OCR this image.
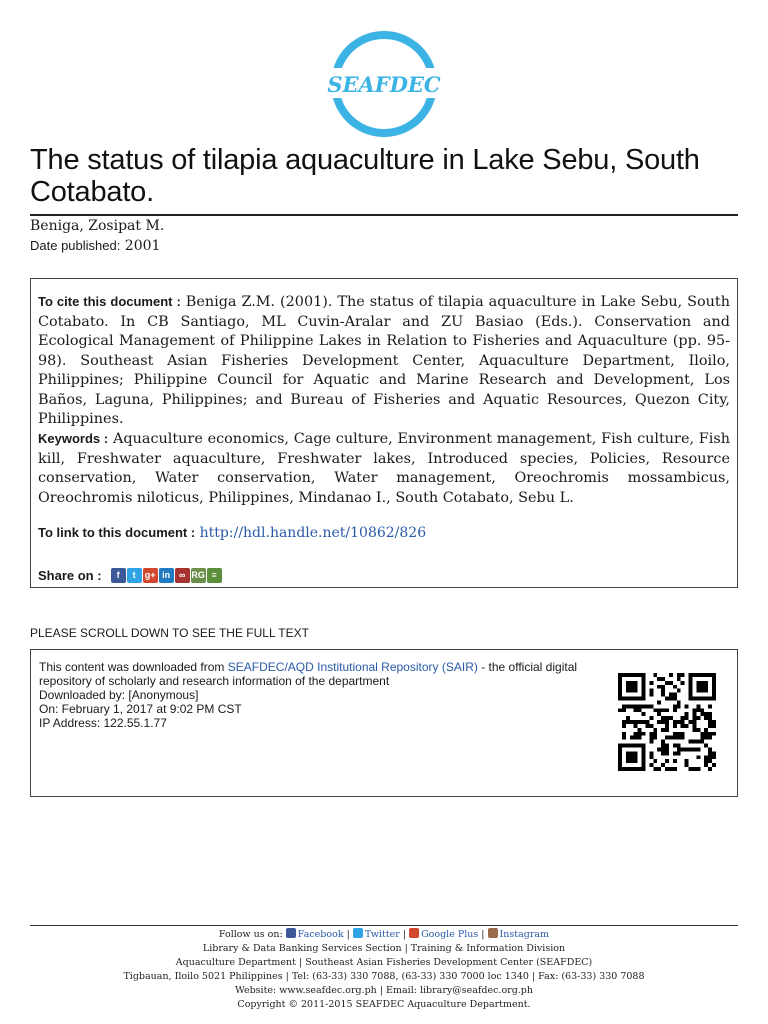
SEAFDEC
The status of tilapia aquaculture in Lake Sebu, South Cotabato.
Beniga, Zosipat M.
Date published: 2001
To cite this document : Beniga Z.M. (2001). The status of tilapia aquaculture in Lake Sebu, South Cotabato. In CB Santiago, ML Cuvin-Aralar and ZU Basiao (Eds.). Conservation and Ecological Management of Philippine Lakes in Relation to Fisheries and Aquaculture (pp. 95-98). Southeast Asian Fisheries Development Center, Aquaculture Department, Iloilo, Philippines; Philippine Council for Aquatic and Marine Research and Development, Los Baños, Laguna, Philippines; and Bureau of Fisheries and Aquatic Resources, Quezon City, Philippines.
Keywords : Aquaculture economics, Cage culture, Environment management, Fish culture, Fish kill, Freshwater aquaculture, Freshwater lakes, Introduced species, Policies, Resource conservation, Water conservation, Water management, Oreochromis mossambicus, Oreochromis niloticus, Philippines, Mindanao I., South Cotabato, Sebu L.
To link to this document : http://hdl.handle.net/10862/826
Share on : f t g+ in ∞ RG ≡
PLEASE SCROLL DOWN TO SEE THE FULL TEXT
This content was downloaded from SEAFDEC/AQD Institutional Repository (SAIR) - the official digital repository of scholarly and research information of the department
Downloaded by: [Anonymous]
On: February 1, 2017 at 9:02 PM CST
IP Address: 122.55.1.77
Follow us on: Facebook | Twitter | Google Plus | Instagram
Library & Data Banking Services Section | Training & Information Division
Aquaculture Department | Southeast Asian Fisheries Development Center (SEAFDEC)
Tigbauan, Iloilo 5021 Philippines | Tel: (63-33) 330 7088, (63-33) 330 7000 loc 1340 | Fax: (63-33) 330 7088
Website: www.seafdec.org.ph | Email: library@seafdec.org.ph
Copyright © 2011-2015 SEAFDEC Aquaculture Department.
